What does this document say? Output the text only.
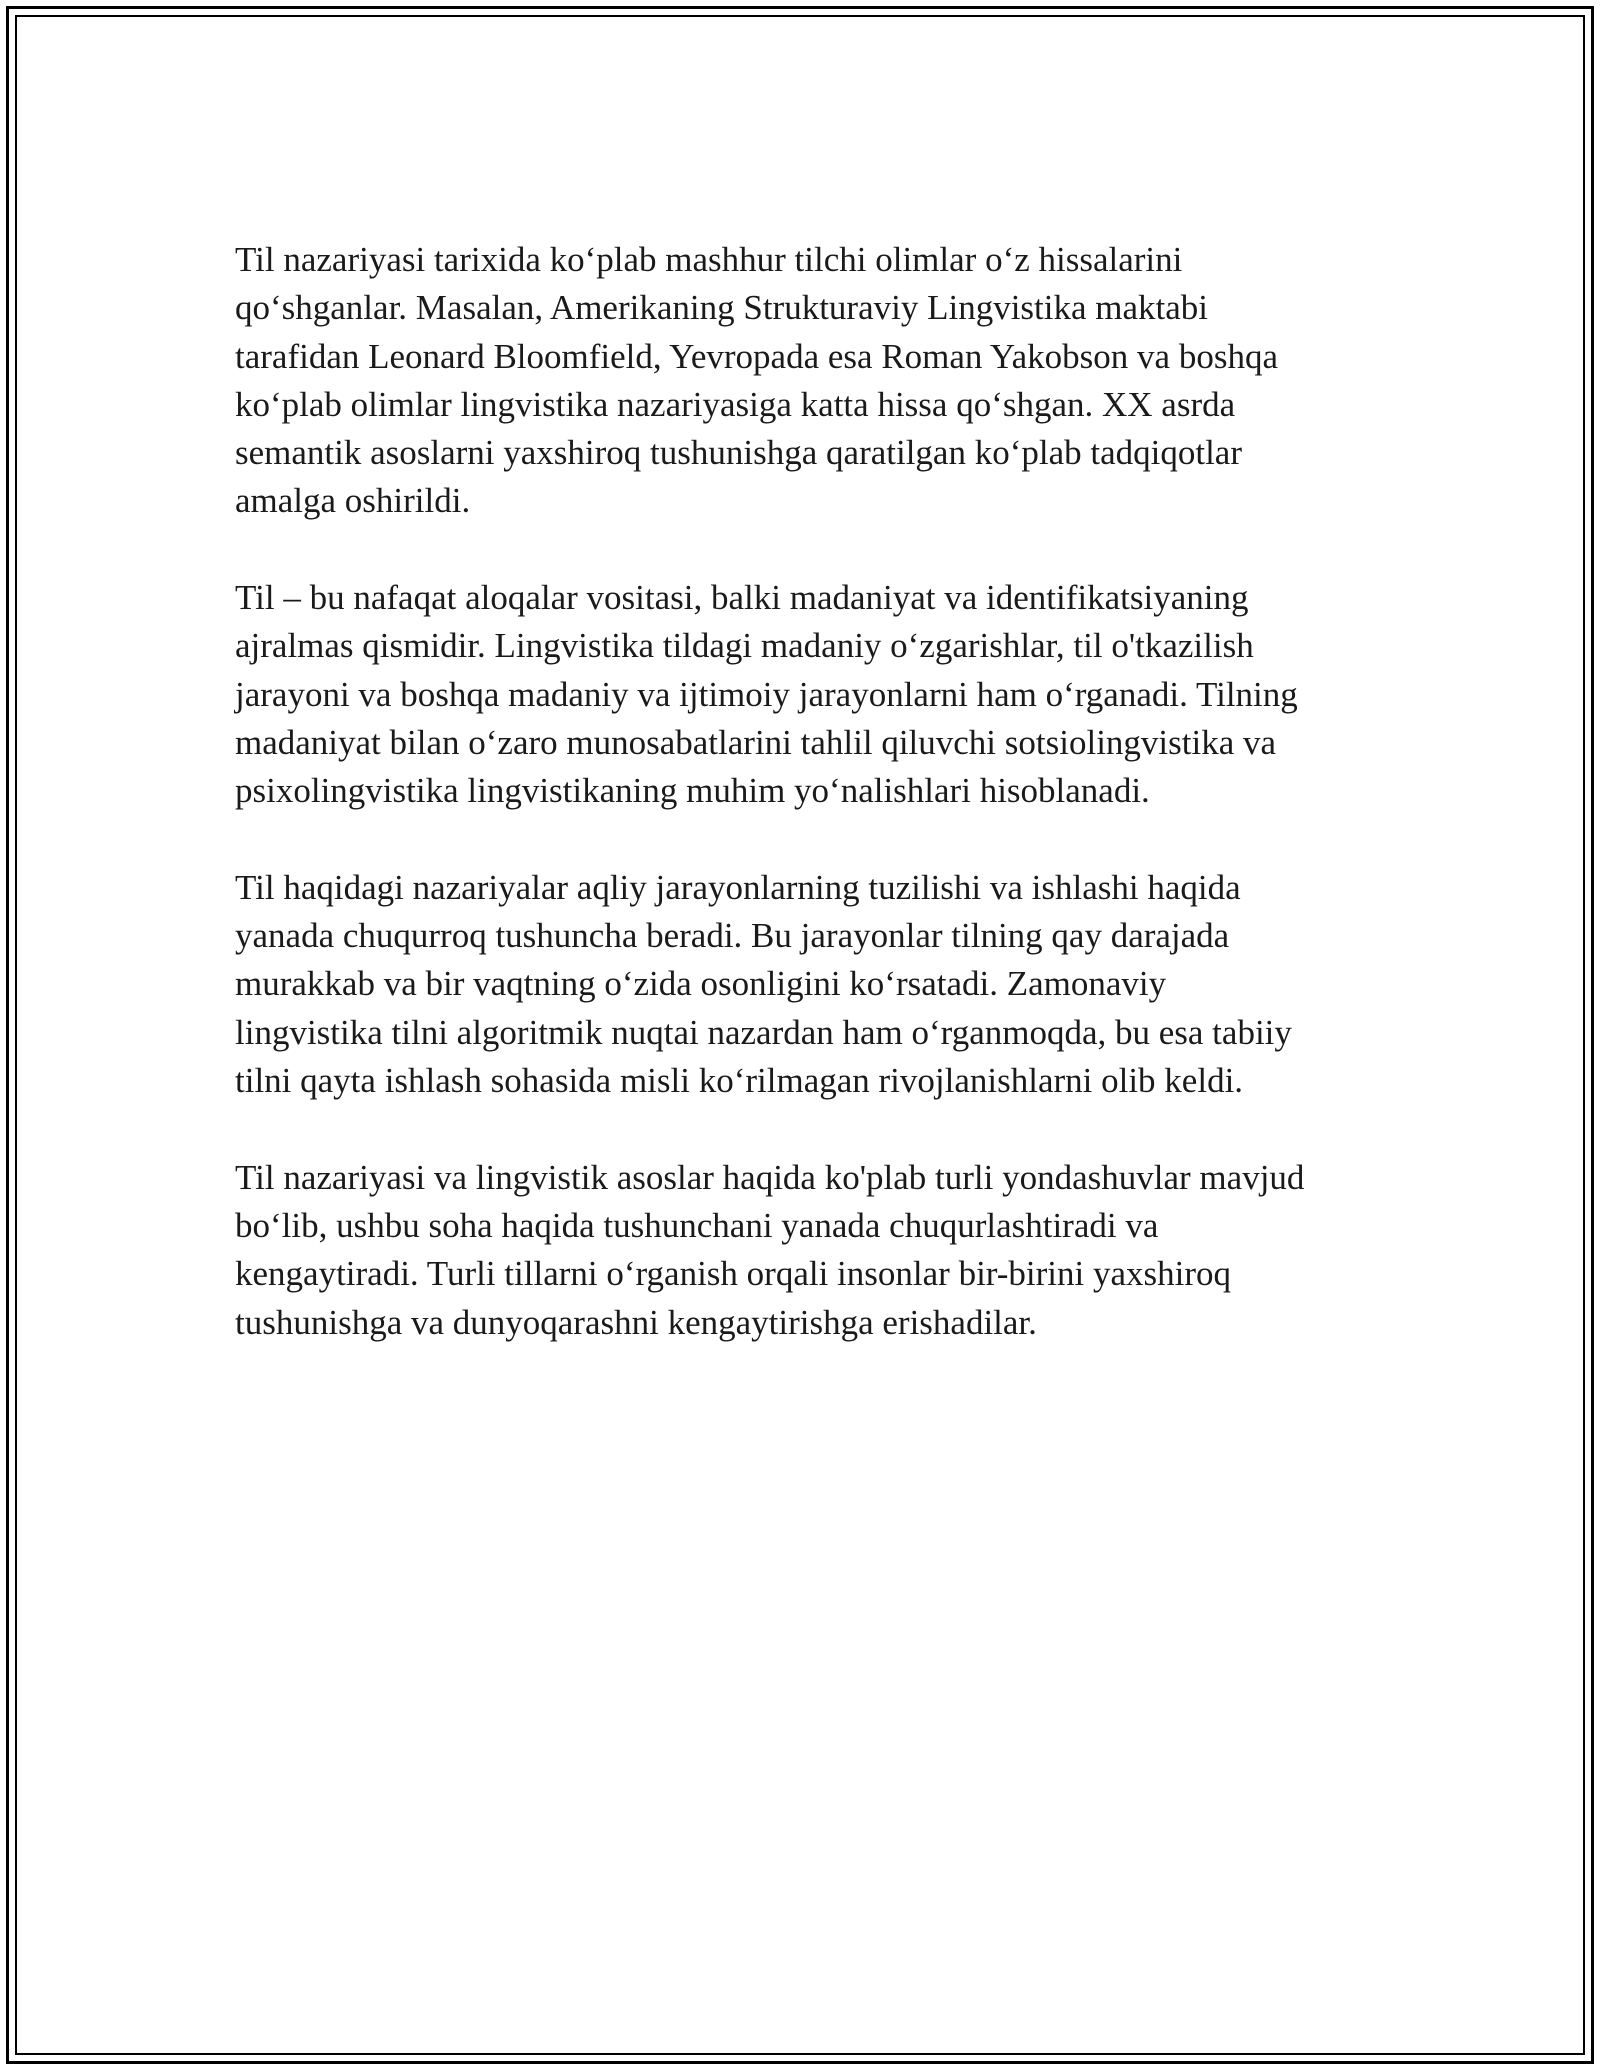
Til nazariyasi tarixida ko‘plab mashhur tilchi olimlar o‘z hissalarini
qo‘shganlar. Masalan, Amerikaning Strukturaviy Lingvistika maktabi
tarafidan Leonard Bloomfield, Yevropada esa Roman Yakobson va boshqa
ko‘plab olimlar lingvistika nazariyasiga katta hissa qo‘shgan. XX asrda
semantik asoslarni yaxshiroq tushunishga qaratilgan ko‘plab tadqiqotlar
amalga oshirildi.

Til – bu nafaqat aloqalar vositasi, balki madaniyat va identifikatsiyaning
ajralmas qismidir. Lingvistika tildagi madaniy o‘zgarishlar, til o'tkazilish
jarayoni va boshqa madaniy va ijtimoiy jarayonlarni ham o‘rganadi. Tilning
madaniyat bilan o‘zaro munosabatlarini tahlil qiluvchi sotsiolingvistika va
psixolingvistika lingvistikaning muhim yo‘nalishlari hisoblanadi.

Til haqidagi nazariyalar aqliy jarayonlarning tuzilishi va ishlashi haqida
yanada chuqurroq tushuncha beradi. Bu jarayonlar tilning qay darajada
murakkab va bir vaqtning o‘zida osonligini ko‘rsatadi. Zamonaviy
lingvistika tilni algoritmik nuqtai nazardan ham o‘rganmoqda, bu esa tabiiy
tilni qayta ishlash sohasida misli ko‘rilmagan rivojlanishlarni olib keldi.

Til nazariyasi va lingvistik asoslar haqida ko'plab turli yondashuvlar mavjud
bo‘lib, ushbu soha haqida tushunchani yanada chuqurlashtiradi va
kengaytiradi. Turli tillarni o‘rganish orqali insonlar bir-birini yaxshiroq
tushunishga va dunyoqarashni kengaytirishga erishadilar.
